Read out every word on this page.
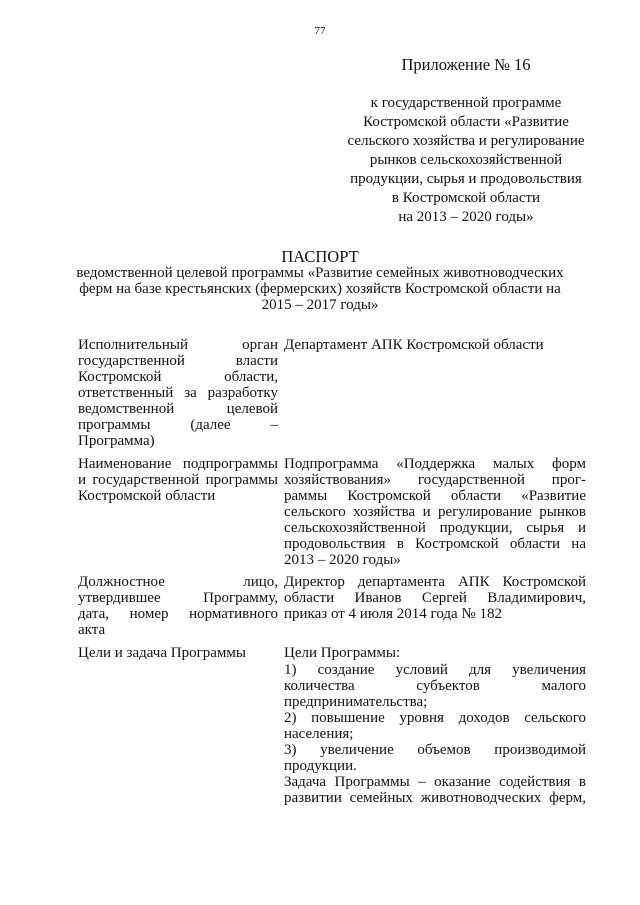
77
Приложение № 16
к государственной программе
Костромской области «Развитие
сельского хозяйства и регулирование
рынков сельскохозяйственной
продукции, сырья и продовольствия
в Костромской области
на 2013 – 2020 годы»
ПАСПОРТ
ведомственной целевой программы «Развитие семейных животноводческих
ферм на базе крестьянских (фермерских) хозяйств Костромской области на
2015 – 2017 годы»
Исполнительный орган
государственной власти
Костромской области,
ответственный за разработку
ведомственной целевой
программы (далее –
Программа)
Департамент АПК Костромской области
Наименование подпрограммы
и государственной программы
Костромской области
Подпрограмма «Поддержка малых форм
хозяйствования» государственной прог-
раммы Костромской области «Развитие
сельского хозяйства и регулирование рынков
сельскохозяйственной продукции, сырья и
продовольствия в Костромской области на
2013 – 2020 годы»
Должностное лицо,
утвердившее Программу,
дата, номер нормативного
акта
Директор департамента АПК Костромской
области Иванов Сергей Владимирович,
приказ от 4 июля 2014 года № 182
Цели и задача Программы	Цели Программы:
1) создание условий для увеличения
количества субъектов малого
предпринимательства;
2) повышение уровня доходов сельского
населения;
3) увеличение объемов производимой
продукции.
Задача Программы – оказание содействия в
развитии семейных животноводческих ферм,
